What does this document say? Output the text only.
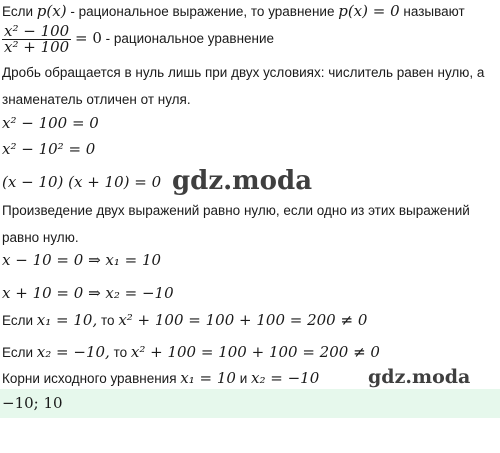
Если p(x) - рациональное выражение, то уравнение p(x) = 0 называют
$\frac{\text{x² − 100}}{\text{x² + 100}} = 0$ - рациональное уравнение
Дробь обращается в нуль лишь при двух условиях: числитель равен нулю, а
знаменатель отличен от нуля.
x² − 100 = 0
x² − 10² = 0
(x − 10) (x + 10) = 0 gdz.moda
Произведение двух выражений равно нулю, если одно из этих выражений
равно нулю.
x − 10 = 0 ⇒ x₁ = 10
x + 10 = 0 ⇒ x₂ = −10
Если x₁ = 10, то x² + 100 = 100 + 100 = 200 ≠ 0
Если x₂ = −10, то x² + 100 = 100 + 100 = 200 ≠ 0
Корни исходного уравнения x₁ = 10 и x₂ = −10	gdz.moda
−10; 10
